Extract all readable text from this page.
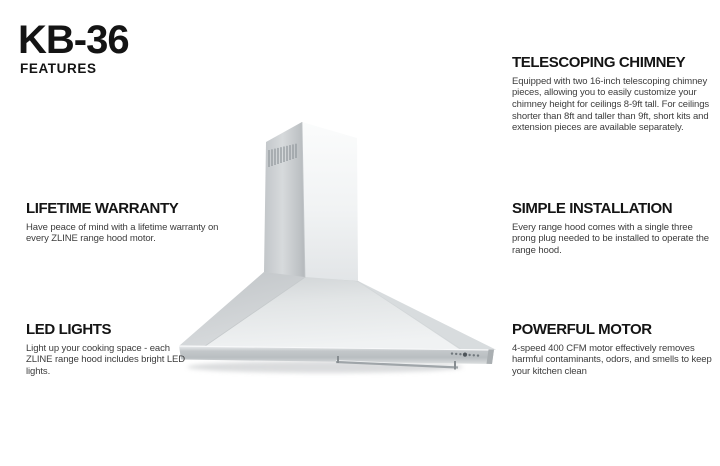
KB-36
FEATURES	TELESCOPING CHIMNEY

Equipped with two 16-inch telescoping chimney pieces, allowing you to easily customize your chimney height for ceilings 8-9ft tall. For ceilings shorter than 8ft and taller than 9ft, short kits and extension pieces are available separately.

LIFETIME WARRANTY

Have peace of mind with a lifetime warranty on every ZLINE range hood motor.

SIMPLE INSTALLATION

Every range hood comes with a single three prong plug needed to be installed to operate the range hood.

LED LIGHTS

Light up your cooking space - each ZLINE range hood includes bright LED lights.

POWERFUL MOTOR

4-speed 400 CFM motor effectively removes harmful contaminants, odors, and smells to keep your kitchen clean
